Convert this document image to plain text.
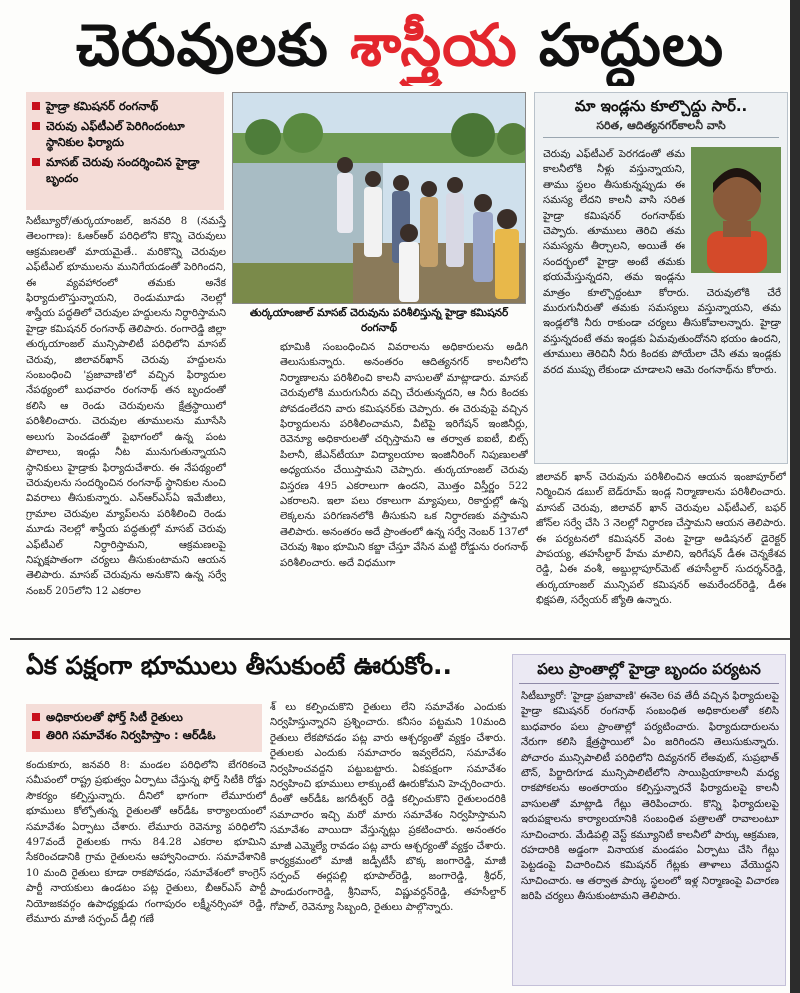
చెరువులకు శాస్త్రీయ హద్దులు
హైడ్రా కమిషనర్ రంగనాథ్
చెరువు ఎఫ్‌టీఎల్ పెరిగిందంటూ స్థానికుల ఫిర్యాదు
మాసబ్ చెరువు సందర్శించిన హైడ్రా బృందం
తుర్కయాంజాల్ మాసబ్ చెరువును పరిశీలిస్తున్న హైడ్రా కమిషనర్ రంగనాథ్
సిటీబ్యూరో/తుర్కయాంజల్, జనవరి 8 (నమస్తే తెలంగాణ): ఓఆర్ఆర్ పరిధిలోని కొన్ని చెరువులు ఆక్రమణలతో మాయమైతే.. మరికొన్ని చెరువుల ఎఫ్‌టీఎల్ భూములను మునిగేయడంతో పెరిగిందని, ఈ వ్యవహారంలో తమకు అనేక ఫిర్యాదులొస్తున్నాయని, రెండుమూడు నెలల్లో శాస్త్రీయ పద్ధతిలో చెరువుల హద్దులను నిర్ధారిస్తామని హైడ్రా కమిషనర్ రంగనాథ్ తెలిపారు. రంగారెడ్డి జిల్లా తుర్కయాంజల్ మున్సిపాలిటీ పరిధిలోని మాసబ్ చెరువు, జిలావర్‌ఖాన్ చెరువు హద్దులను సంబంధించి 'ప్రజావాణి'లో వచ్చిన ఫిర్యాదుల నేపథ్యంలో బుధవారం రంగనాథ్ తన బృందంతో కలిసి ఆ రెండు చెరువులను క్షేత్రస్థాయిలో పరిశీలించారు. చెరువుల తూములను మూసేసి అలుగు పెంచడంతో పైభాగంలో ఉన్న పంట పొలాలు, ఇండ్లు నీట మునుగుతున్నాయని స్థానికులు హైడ్రాకు ఫిర్యాదుచేశారు. ఈ నేపథ్యంలో చెరువులను సందర్శించిన రంగనాథ్ స్థానికుల నుంచి వివరాలు తీసుకున్నారు. ఎన్ఆర్ఎస్‌ఏ ఇమేజీలు, గ్రామాల చెరువుల మ్యాప్‌లను పరిశీలించి రెండు మూడు నెలల్లో శాస్త్రీయ పద్ధతుల్లో మాసబ్ చెరువు ఎఫ్‌టీఎల్ నిర్ధారిస్తామని, ఆక్రమణలపై నిష్పక్షపాతంగా చర్యలు తీసుకుంటామని ఆయన తెలిపారు. మాసబ్ చెరువును అనుకొని ఉన్న సర్వే నంబర్ 205లోని 12 ఎకరాల
భూమికి సంబంధించిన వివరాలను అధికారులను అడిగి తెలుసుకున్నారు. అనంతరం ఆదిత్యనగర్ కాలనీలోని నిర్మాణాలను పరిశీలించి కాలనీ వాసులతో మాట్లాడారు. మాసబ్ చెరువులోకి మురుగునీరు వచ్చి చేరుతున్నదని, ఆ నీరు కిందకు పోవడంలేదని వారు కమిషనర్‌కు చెప్పారు. ఈ చెరువుపై వచ్చిన ఫిర్యాదులను పరిశీలించామని, వీటిపై ఇరిగేషన్ ఇంజినీర్లు, రెవెన్యూ అధికారులతో చర్చిస్తామని ఆ తర్వాత ఐఐటీ, బిట్స్ పిలానీ, జేఎన్‌టీయూ విద్యాలయాల ఇంజినీరింగ్ నిపుణులతో అధ్యయనం చేయిస్తామని చెప్పారు. తుర్కయాంజల్ చెరువు విస్తరణ 495 ఎకరాలుగా ఉందని, మొత్తం విస్తీర్ణం 522 ఎకరాలని. ఇలా పలు రకాలుగా మ్యాపులు, రికార్డుల్లో ఉన్న లెక్కలను పరిగణనలోకి తీసుకుని ఒక నిర్ధారణకు వస్తామని తెలిపారు. అనంతరం అదే ప్రాంతంలో ఉన్న సర్వే నెంబర్ 137లో చెరువు శిఖం భూమిని కబ్జా చేస్తూ వేసిన మట్టి రోడ్డును రంగనాథ్ పరిశీలించారు. అదే విధముగా
జిలావర్ ఖాన్ చెరువును పరిశీలించిన ఆయన ఇంజాపూర్‌లో నిర్మించిన డబుల్ బెడ్‌రూమ్ ఇండ్ల నిర్మాణాలను పరిశీలించారు. మాసబ్ చెరువు, జిలావర్ ఖాన్ చెరువుల ఎఫ్‌టీఎల్, బఫర్ జోన్‌ల సర్వే చేసి 3 నెలల్లో నిర్ధారణ చేస్తామని ఆయన తెలిపారు. ఈ పర్యటనలో కమిషనర్ వెంట హైడ్రా అడిషనల్ డైరెక్టర్ పాపయ్య, తహసీల్దార్ హేమ మాలిని, ఇరిగేషన్ డీఈ చెన్నకేశవ రెడ్డి, ఏఈ వంశీ, అబ్దుల్లాపూర్‌మెట్ తహసీల్దార్ సుదర్శన్‌రెడ్డి, తుర్కయాంజల్ మున్సిపల్ కమిషనర్ అమరేందర్‌రెడ్డి, డీఈ భిక్షపతి, సర్వేయర్ జ్యోతి ఉన్నారు.
మా ఇండ్లను కూల్చొద్దు సార్..
సరిత, ఆదిత్యనగర్‌కాలనీ వాసి
చెరువు ఎఫ్‌టీఎల్ పెరగడంతో తమ కాలనీలోకి నీళ్లు వస్తున్నాయని, తాము స్థలం తీసుకున్నప్పుడు ఈ సమస్య లేదని కాలనీ వాసి సరిత హైడ్రా కమిషనర్ రంగనాథ్‌కు చెప్పారు. తూములు తెరిచి తమ సమస్యను తీర్చాలని, అయితే ఈ సందర్భంలో హైడ్రా అంటే తమకు భయమేస్తున్నదని, తమ ఇండ్లను మాత్రం కూల్చొద్దంటూ కోరారు. చెరువులోకి చేరే మురుగునీరుతో తమకు సమస్యలు వస్తున్నాయని, తమ ఇండ్లలోకి నీరు రాకుండా చర్యలు తీసుకోవాలన్నారు. హైడ్రా వస్తున్నదంటే తమ ఇండ్లకు ఏమవుతుందోనని భయం ఉందని, తూములు తెరిచినీ నీరు కిందకు పోయేలా చేసి తమ ఇండ్లకు వరద ముప్పు లేకుండా చూడాలని ఆమె రంగనాథ్‌ను కోరారు.
ఏక పక్షంగా భూములు తీసుకుంటే ఊరుకోం..
అధికారులతో ఫోర్త్ సిటీ రైతులు
తిరిగి సమావేశం నిర్వహిస్తాం : ఆర్‌డీఓ
కందుకూరు, జనవరి 8: మండల పరిధిలోని బేగరికంచె సమీపంలో రాష్ట్ర ప్రభుత్వం ఏర్పాటు చేస్తున్న ఫోర్త్ సిటీకి రోడ్డు సౌకర్యం కల్పిస్తున్నారు. దీనిలో భాగంగా లేమూరులో భూములు కోల్పోతున్న రైతులతో ఆర్‌డీఓ కార్యాలయంలో సమావేశం ఏర్పాటు చేశారు. లేమూరు రెవెన్యూ పరిధిలోని 497వందే రైతులకు గాను 84.28 ఎకరాల భూమిని సేకరించడానికి గ్రామ రైతులను ఆహ్వానించారు. సమావేశానికి 10 మంది రైతులు కూడా రాకపోవడం, సమావేశంలో కాంగ్రెస్ పార్టీ నాయకులు ఉండటం పట్ల రైతులు, బీఆర్ఎస్ పార్టీ నియోజకవర్గం ఉపాధ్యక్షుడు గంగాపురం లక్ష్మీనర్సింహా రెడ్డి, లేమూరు మాజీ సర్పంచ్ డీల్లి గణే
శ్ లు కల్పించుకొని రైతులు లేని సమావేశం ఎందుకు నిర్వహిస్తున్నారని ప్రశ్నించారు. కనీసం పట్టమని 10మంది రైతులు లేకపోవడం పట్ల వారు ఆశ్చర్యంతో వ్యక్తం చేశారు. రైతులకు ఎందుకు సమాచారం ఇవ్వలేదని, సమావేశం నిర్వహించవద్దని పట్టుబట్టారు. ఏకపక్షంగా సమావేశం నిర్వహించి భూములు లాక్కుంటే ఊరుకోమని హెచ్చరించారు. దీంతో ఆర్‌డీఓ జగదీశ్వర్ రెడ్డి కల్పించుకొని రైతులందరికి సమాచారం ఇచ్చి మరో మారు సమావేశం నిర్వహిస్తామని సమావేశం వాయిదా వేస్తున్నట్లు ప్రకటించారు. అనంతరం మాజీ ఎమ్మెల్యే రావడం పట్ల వారు ఆశ్చర్యంతో వ్యక్తం చేశారు. కార్యక్రమంలో మాజీ జడ్పీటీసీ బొక్క జంగారెడ్డి, మాజీ సర్పంచ్ ఈర్లపల్లి భూపాల్‌రెడ్డి, జంగారెడ్డి, శ్రీధర్, పాండురంగారెడ్డి, శ్రీనివాస్, విష్ణువర్ధన్‌రెడ్డి, తహసీల్దార్ గోపాల్, రెవెన్యూ సిబ్బంది, రైతులు పాల్గొన్నారు.
పలు ప్రాంతాల్లో హైడ్రా బృందం పర్యటన
సిటీబ్యూరో: 'హైడ్రా ప్రజావాణి' ఈనెల 6వ తేదీ వచ్చిన ఫిర్యాదులపై హైడ్రా కమిషనర్ రంగనాథ్ సంబంధిత అధికారులతో కలిసి బుధవారం పలు ప్రాంతాల్లో పర్యటించారు. ఫిర్యాదుదారులను నేరుగా కలిసి క్షేత్రస్థాయిలో ఏం జరిగిందని తెలుసుకున్నారు. పోచారం మున్సిపాలిటీ పరిధిలోని దివ్యనగర్ లేఅవుట్, సుప్రభాత్ టౌన్, పిర్జాదిగూడ మున్సిపాలిటీలోని సాయిప్రియాకాలనీ మధ్య రాకపోకలను అంతరాయం కల్పిస్తున్నారనే ఫిర్యాదులపై కాలనీ వాసులతో మాట్లాడి గేట్లు తెరిపించారు. కొన్ని ఫిర్యాదులపై ఇరుపక్షాలను కార్యాలయానికి సంబంధిత పత్రాలతో రావాలంటూ సూచించారు. మేడిపల్లి వెస్ట్ కమ్యూనిటీ కాలనీలో పార్కు ఆక్రమణ, రహదారికి అడ్డంగా వినాయక మండపం ఏర్పాటు చేసి గేట్లు పెట్టడంపై విచారించిన కమిషనర్ గేట్లకు తాళాలు వేయొద్దని సూచించారు. ఆ తర్వాత పార్కు స్థలంలో ఇళ్ల నిర్మాణంపై విచారణ జరిపి చర్యలు తీసుకుంటామని తెలిపారు.
